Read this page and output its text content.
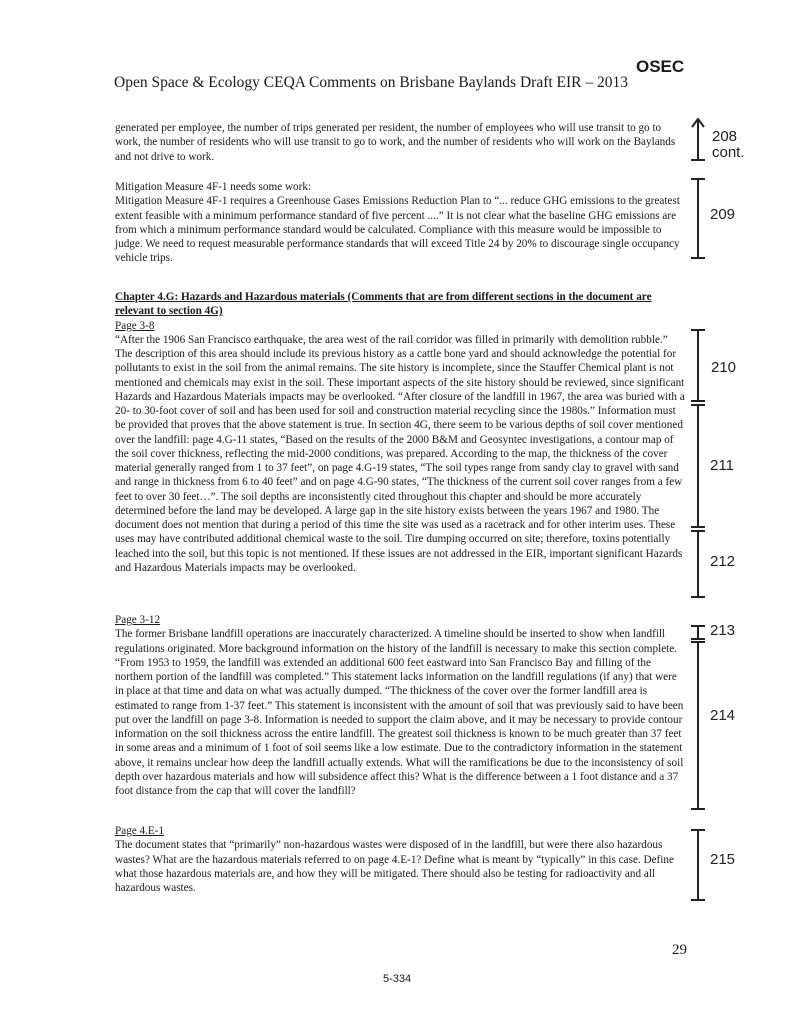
OSEC
Open Space & Ecology CEQA Comments on Brisbane Baylands Draft EIR – 2013

generated per employee, the number of trips generated per resident, the number of employees who will use transit to go to work, the number of residents who will use transit to go to work, and the number of residents who will work on the Baylands and not drive to work.

Mitigation Measure 4F-1 needs some work:
Mitigation Measure 4F-1 requires a Greenhouse Gases Emissions Reduction Plan to “... reduce GHG emissions to the greatest extent feasible with a minimum performance standard of five percent ....” It is not clear what the baseline GHG emissions are from which a minimum performance standard would be calculated. Compliance with this measure would be impossible to judge. We need to request measurable performance standards that will exceed Title 24 by 20% to discourage single occupancy vehicle trips.
Chapter 4.G: Hazards and Hazardous materials (Comments that are from different sections in the document are relevant to section 4G)
Page 3-8
“After the 1906 San Francisco earthquake, the area west of the rail corridor was filled in primarily with demolition rubble.” The description of this area should include its previous history as a cattle bone yard and should acknowledge the potential for pollutants to exist in the soil from the animal remains. The site history is incomplete, since the Stauffer Chemical plant is not mentioned and chemicals may exist in the soil. These important aspects of the site history should be reviewed, since significant Hazards and Hazardous Materials impacts may be overlooked. “After closure of the landfill in 1967, the area was buried with a 20- to 30-foot cover of soil and has been used for soil and construction material recycling since the 1980s.” Information must be provided that proves that the above statement is true. In section 4G, there seem to be various depths of soil cover mentioned over the landfill: page 4.G-11 states, “Based on the results of the 2000 B&M and Geosyntec investigations, a contour map of the soil cover thickness, reflecting the mid-2000 conditions, was prepared. According to the map, the thickness of the cover material generally ranged from 1 to 37 feet”, on page 4.G-19 states, “The soil types range from sandy clay to gravel with sand and range in thickness from 6 to 40 feet” and on page 4.G-90 states, “The thickness of the current soil cover ranges from a few feet to over 30 feet…”. The soil depths are inconsistently cited throughout this chapter and should be more accurately determined before the land may be developed. A large gap in the site history exists between the years 1967 and 1980. The document does not mention that during a period of this time the site was used as a racetrack and for other interim uses. These uses may have contributed additional chemical waste to the soil. Tire dumping occurred on site; therefore, toxins potentially leached into the soil, but this topic is not mentioned. If these issues are not addressed in the EIR, important significant Hazards and Hazardous Materials impacts may be overlooked.
Page 3-12
The former Brisbane landfill operations are inaccurately characterized. A timeline should be inserted to show when landfill regulations originated. More background information on the history of the landfill is necessary to make this section complete. “From 1953 to 1959, the landfill was extended an additional 600 feet eastward into San Francisco Bay and filling of the northern portion of the landfill was completed.” This statement lacks information on the landfill regulations (if any) that were in place at that time and data on what was actually dumped. “The thickness of the cover over the former landfill area is estimated to range from 1-37 feet.” This statement is inconsistent with the amount of soil that was previously said to have been put over the landfill on page 3-8. Information is needed to support the claim above, and it may be necessary to provide contour information on the soil thickness across the entire landfill. The greatest soil thickness is known to be much greater than 37 feet in some areas and a minimum of 1 foot of soil seems like a low estimate. Due to the contradictory information in the statement above, it remains unclear how deep the landfill actually extends. What will the ramifications be due to the inconsistency of soil depth over hazardous materials and how will subsidence affect this? What is the difference between a 1 foot distance and a 37 foot distance from the cap that will cover the landfill?
Page 4.E-1
The document states that “primarily” non-hazardous wastes were disposed of in the landfill, but were there also hazardous wastes? What are the hazardous materials referred to on page 4.E-1? Define what is meant by “typically” in this case. Define what those hazardous materials are, and how they will be mitigated. There should also be testing for radioactivity and all hazardous wastes.
208
cont.
209
210
211
212
213
214
215
29
5-334
